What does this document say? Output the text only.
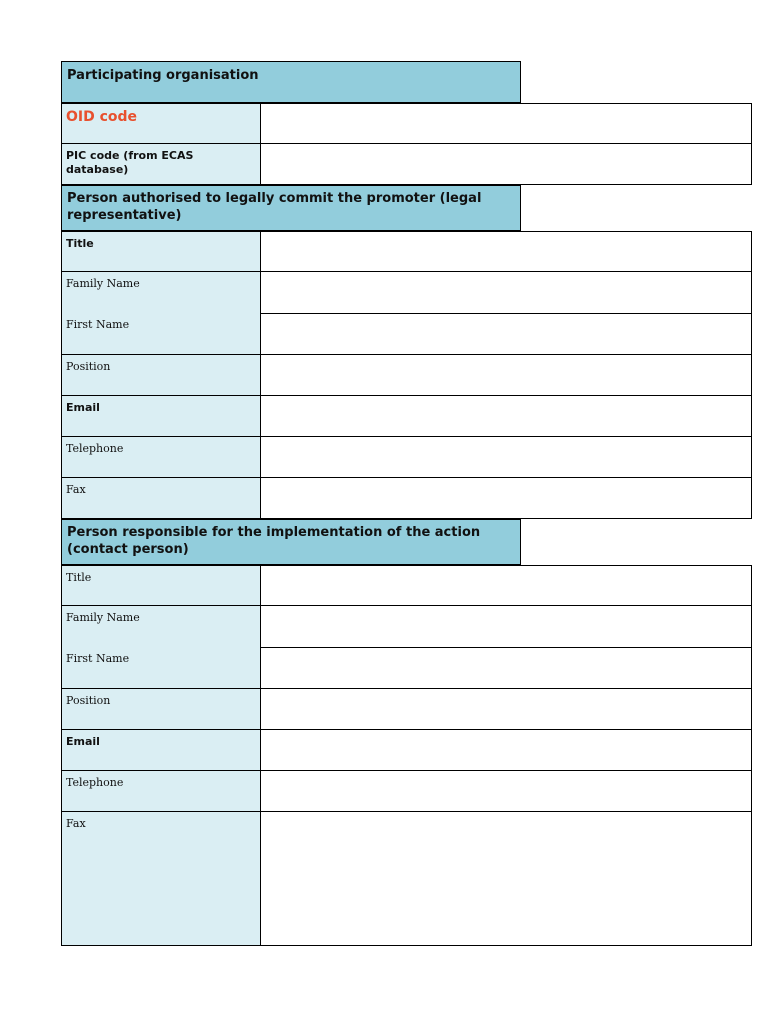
Participating organisation
OID code
PIC code (from ECAS database)
Person authorised to legally commit the promoter (legal representative)
Title
Family Name
First Name
Position
Email
Telephone
Fax
Person responsible for the implementation of the action (contact person)
Title
Family Name
First Name
Position
Email
Telephone
Fax
